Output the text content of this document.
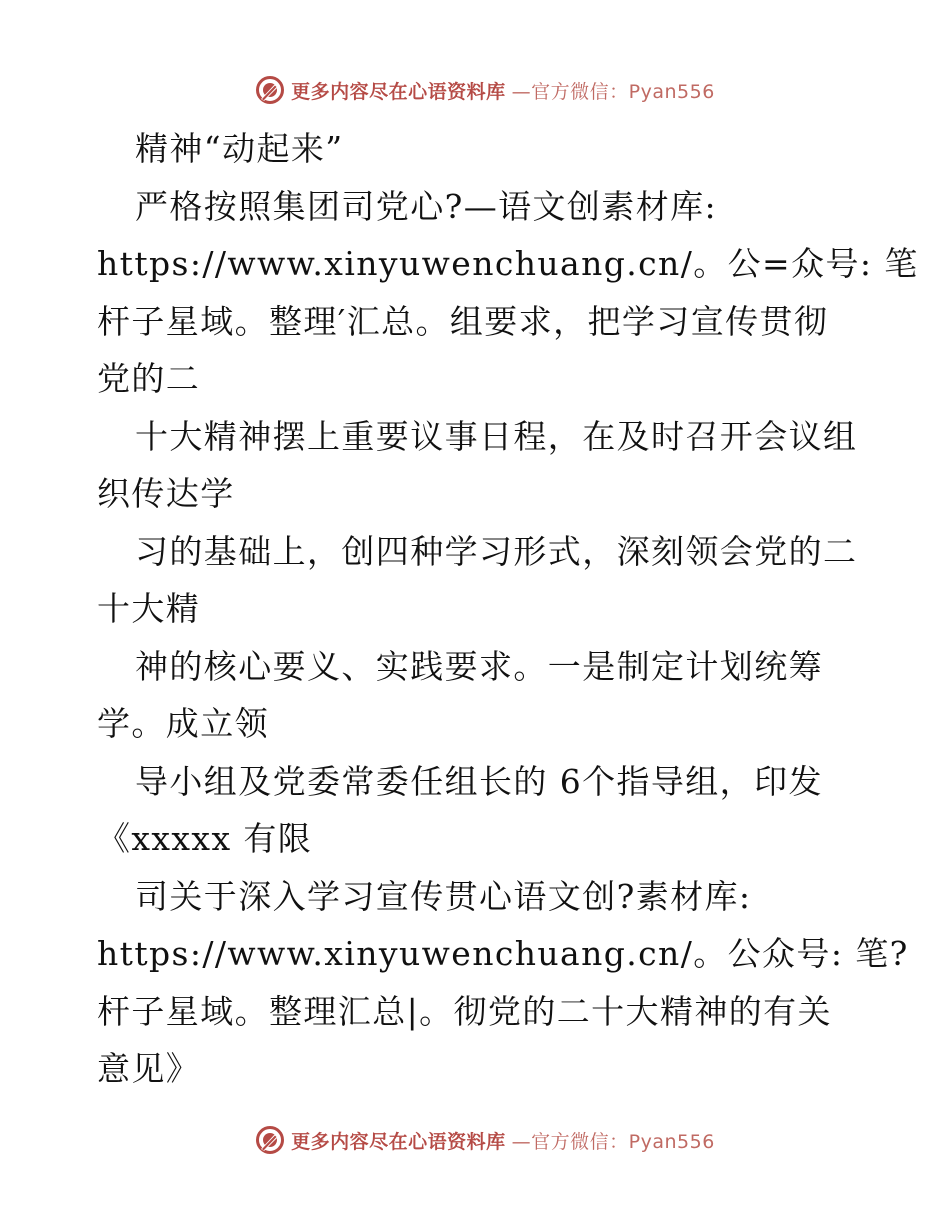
更多内容尽在心语资料库 —官方微信：Pyan556
精神“动起来”
严格按照集团司党心?—语文创素材库:
https://www.xinyuwenchuang.cn/。公=众号: 笔
杆子星域。整理′汇总。组要求，把学习宣传贯彻
党的二
十大精神摆上重要议事日程，在及时召开会议组
织传达学
习的基础上，创四种学习形式，深刻领会党的二
十大精
神的核心要义、实践要求。一是制定计划统筹
学。成立领
导小组及党委常委任组长的 6个指导组，印发
《xxxxx 有限
司关于深入学习宣传贯心语文创?素材库:
https://www.xinyuwenchuang.cn/。公众号: 笔?
杆子星域。整理汇总|。彻党的二十大精神的有关
意见》
更多内容尽在心语资料库 —官方微信：Pyan556
